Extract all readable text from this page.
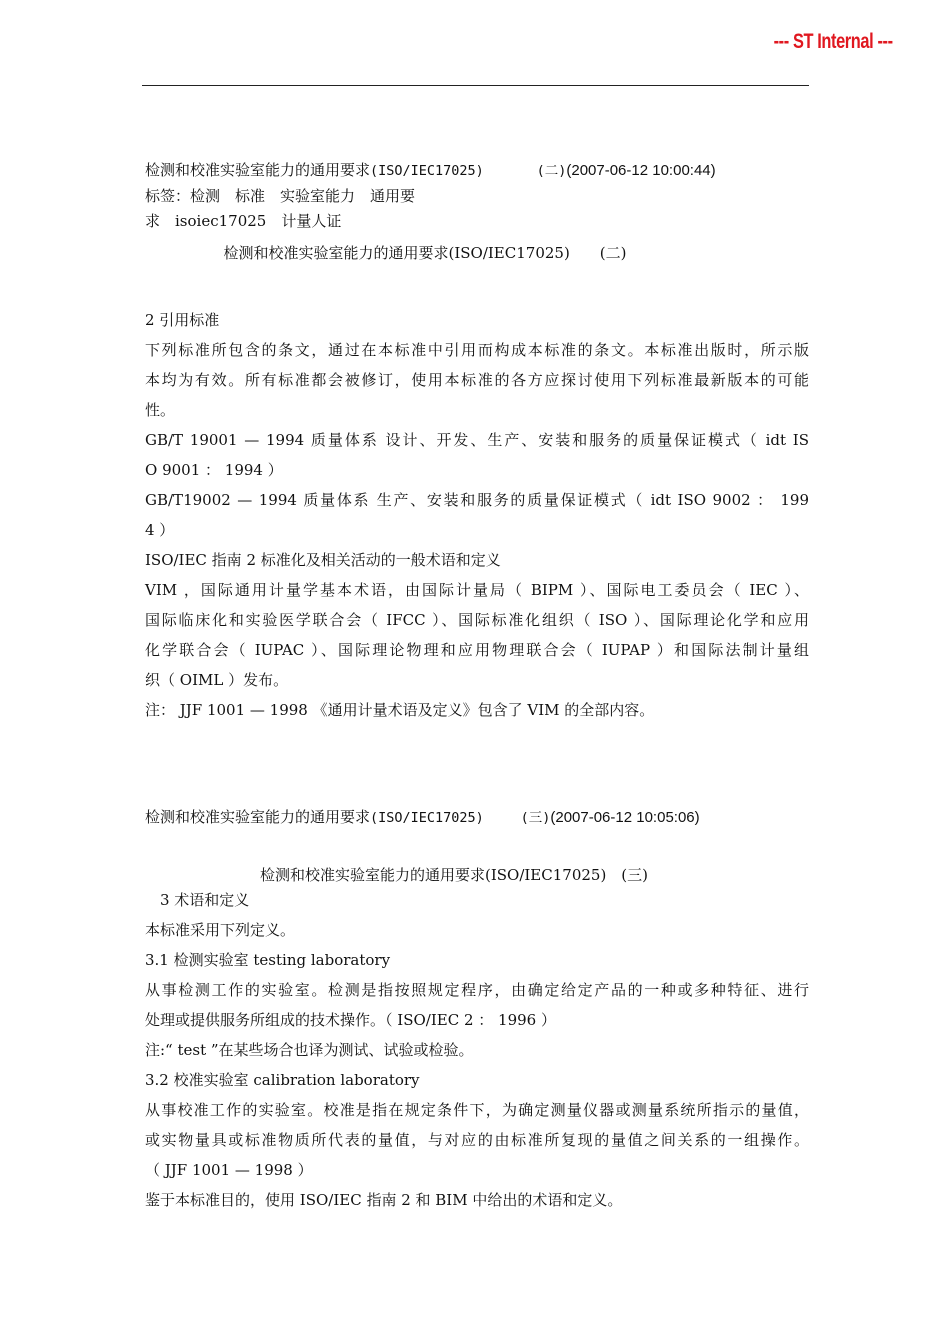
--- ST Internal ---
检测和校准实验室能力的通用要求(ISO/IEC17025)	(二)(2007-06-12 10:00:44)
标签：检测　标准　实验室能力　通用要
求　isoiec17025　计量人证
检测和校准实验室能力的通用要求(ISO/IEC17025)　　(二)
2 引用标准
下列标准所包含的条文，通过在本标准中引用而构成本标准的条文。本标准出版时，所示版
本均为有效。所有标准都会被修订，使用本标准的各方应探讨使用下列标准最新版本的可能
性。
GB/T 19001 — 1994 质量体系 设计、开发、生产、安装和服务的质量保证模式（ idt IS
O 9001 ： 1994 ）
GB/T19002 — 1994 质量体系 生产、安装和服务的质量保证模式（ idt ISO 9002 ： 199
4 ）
ISO/IEC 指南 2 标准化及相关活动的一般术语和定义
VIM ，国际通用计量学基本术语，由国际计量局（ BIPM ）、国际电工委员会（ IEC ）、
国际临床化和实验医学联合会（ IFCC ）、国际标准化组织（ ISO ）、国际理论化学和应用
化学联合会（ IUPAC ）、国际理论物理和应用物理联合会（ IUPAP ）和国际法制计量组
织（ OIML ）发布。
注： JJF 1001 — 1998 《通用计量术语及定义》包含了 VIM 的全部内容。
检测和校准实验室能力的通用要求(ISO/IEC17025)	(三)(2007-06-12 10:05:06)
检测和校准实验室能力的通用要求(ISO/IEC17025)　(三)
3 术语和定义
本标准采用下列定义。
3.1 检测实验室 testing laboratory
从事检测工作的实验室。检测是指按照规定程序，由确定给定产品的一种或多种特征、进行
处理或提供服务所组成的技术操作。（ ISO/IEC 2 ： 1996 ）
注:“ test ”在某些场合也译为测试、试验或检验。
3.2 校准实验室 calibration laboratory
从事校准工作的实验室。校准是指在规定条件下，为确定测量仪器或测量系统所指示的量值，
或实物量具或标准物质所代表的量值，与对应的由标准所复现的量值之间关系的一组操作。
（ JJF 1001 — 1998 ）
鉴于本标准目的，使用 ISO/IEC 指南 2 和 BIM 中给出的术语和定义。
